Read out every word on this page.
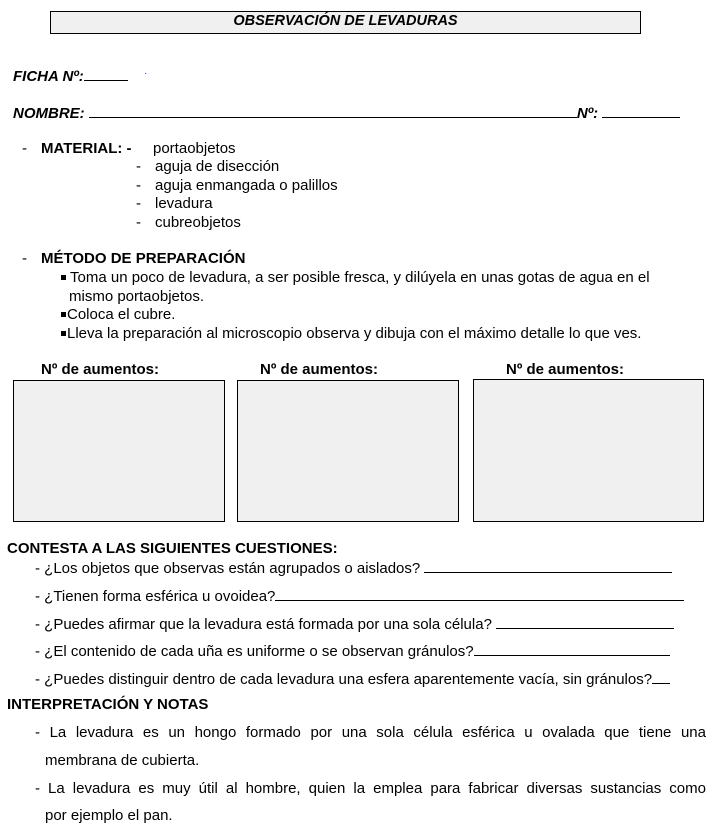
OBSERVACIÓN DE LEVADURAS
FICHA Nº:	·
NOMBRE:	Nº:
- MATERIAL: - portaobjetos
- aguja de disección
- aguja enmangada o palillos
- levadura
- cubreobjetos
- MÉTODO DE PREPARACIÓN
Toma un poco de levadura, a ser posible fresca, y dilúyela en unas gotas de agua en el
mismo portaobjetos.
Coloca el cubre.
Lleva la preparación al microscopio observa y dibuja con el máximo detalle lo que ves.
Nº de aumentos:	Nº de aumentos:	Nº de aumentos:
CONTESTA A LAS SIGUIENTES CUESTIONES:
- ¿Los objetos que observas están agrupados o aislados?
- ¿Tienen forma esférica u ovoidea?
- ¿Puedes afirmar que la levadura está formada por una sola célula?
- ¿El contenido de cada uña es uniforme o se observan gránulos?
- ¿Puedes distinguir dentro de cada levadura una esfera aparentemente vacía, sin gránulos?
INTERPRETACIÓN Y NOTAS
- La levadura es un hongo formado por una sola célula esférica u ovalada que tiene una
membrana de cubierta.
- La levadura es muy útil al hombre, quien la emplea para fabricar diversas sustancias como
por ejemplo el pan.
